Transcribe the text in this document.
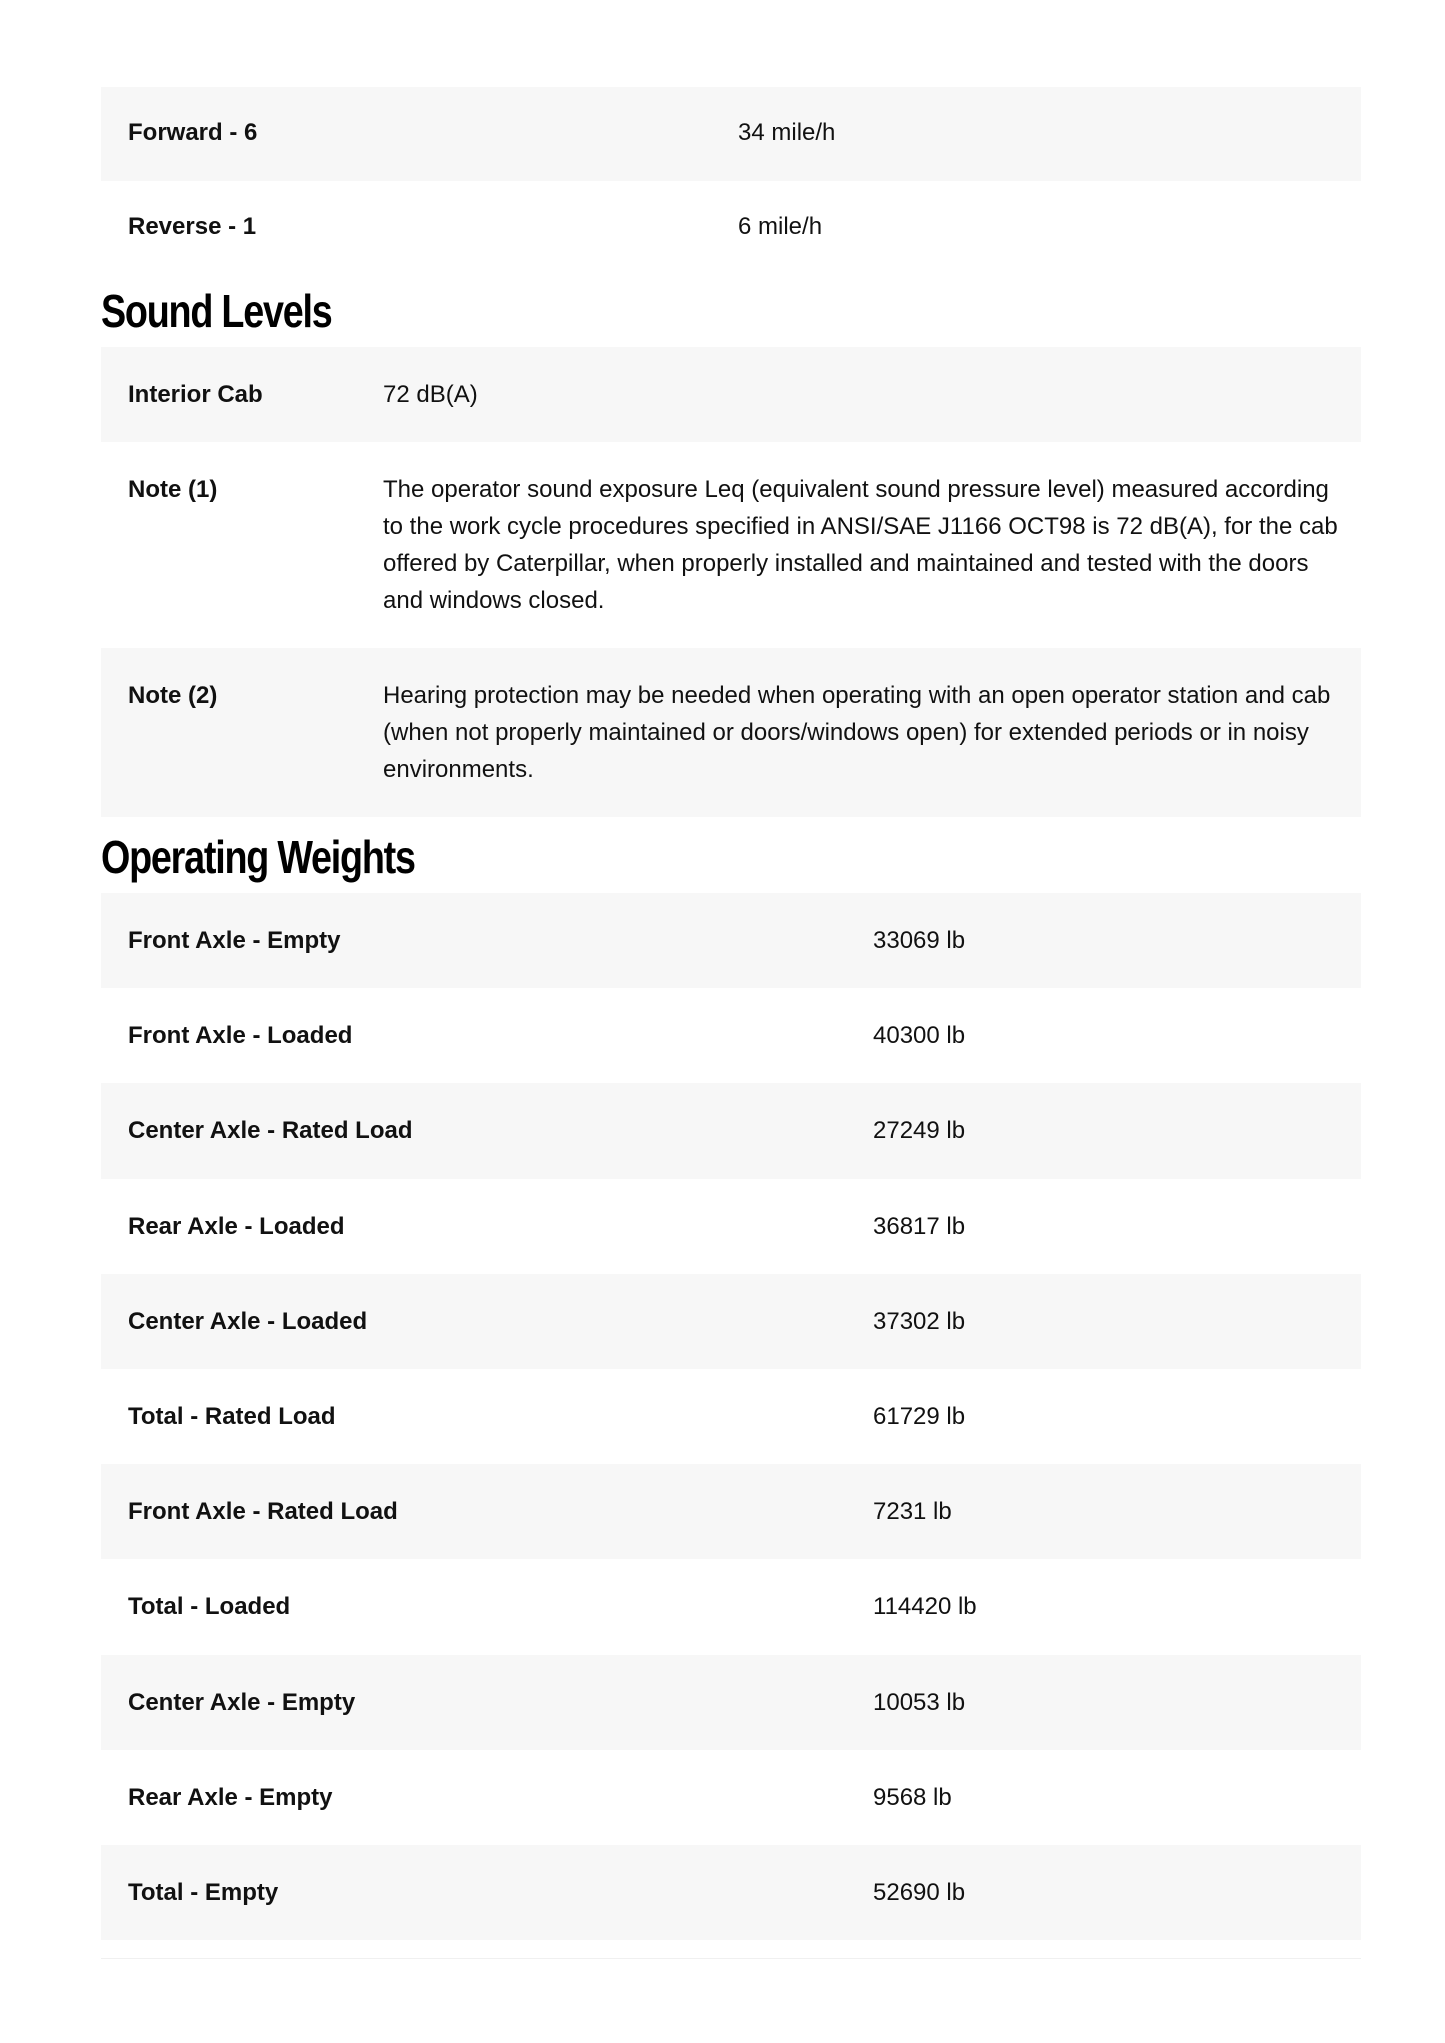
Forward - 6	34 mile/h
Reverse - 1	6 mile/h
Sound Levels
Interior Cab	72 dB(A)
Note (1)	The operator sound exposure Leq (equivalent sound pressure level) measured according to the work cycle procedures specified in ANSI/SAE J1166 OCT98 is 72 dB(A), for the cab offered by Caterpillar, when properly installed and maintained and tested with the doors and windows closed.
Note (2)	Hearing protection may be needed when operating with an open operator station and cab (when not properly maintained or doors/windows open) for extended periods or in noisy environments.
Operating Weights
Front Axle - Empty	33069 lb
Front Axle - Loaded	40300 lb
Center Axle - Rated Load	27249 lb
Rear Axle - Loaded	36817 lb
Center Axle - Loaded	37302 lb
Total - Rated Load	61729 lb
Front Axle - Rated Load	7231 lb
Total - Loaded	114420 lb
Center Axle - Empty	10053 lb
Rear Axle - Empty	9568 lb
Total - Empty	52690 lb
